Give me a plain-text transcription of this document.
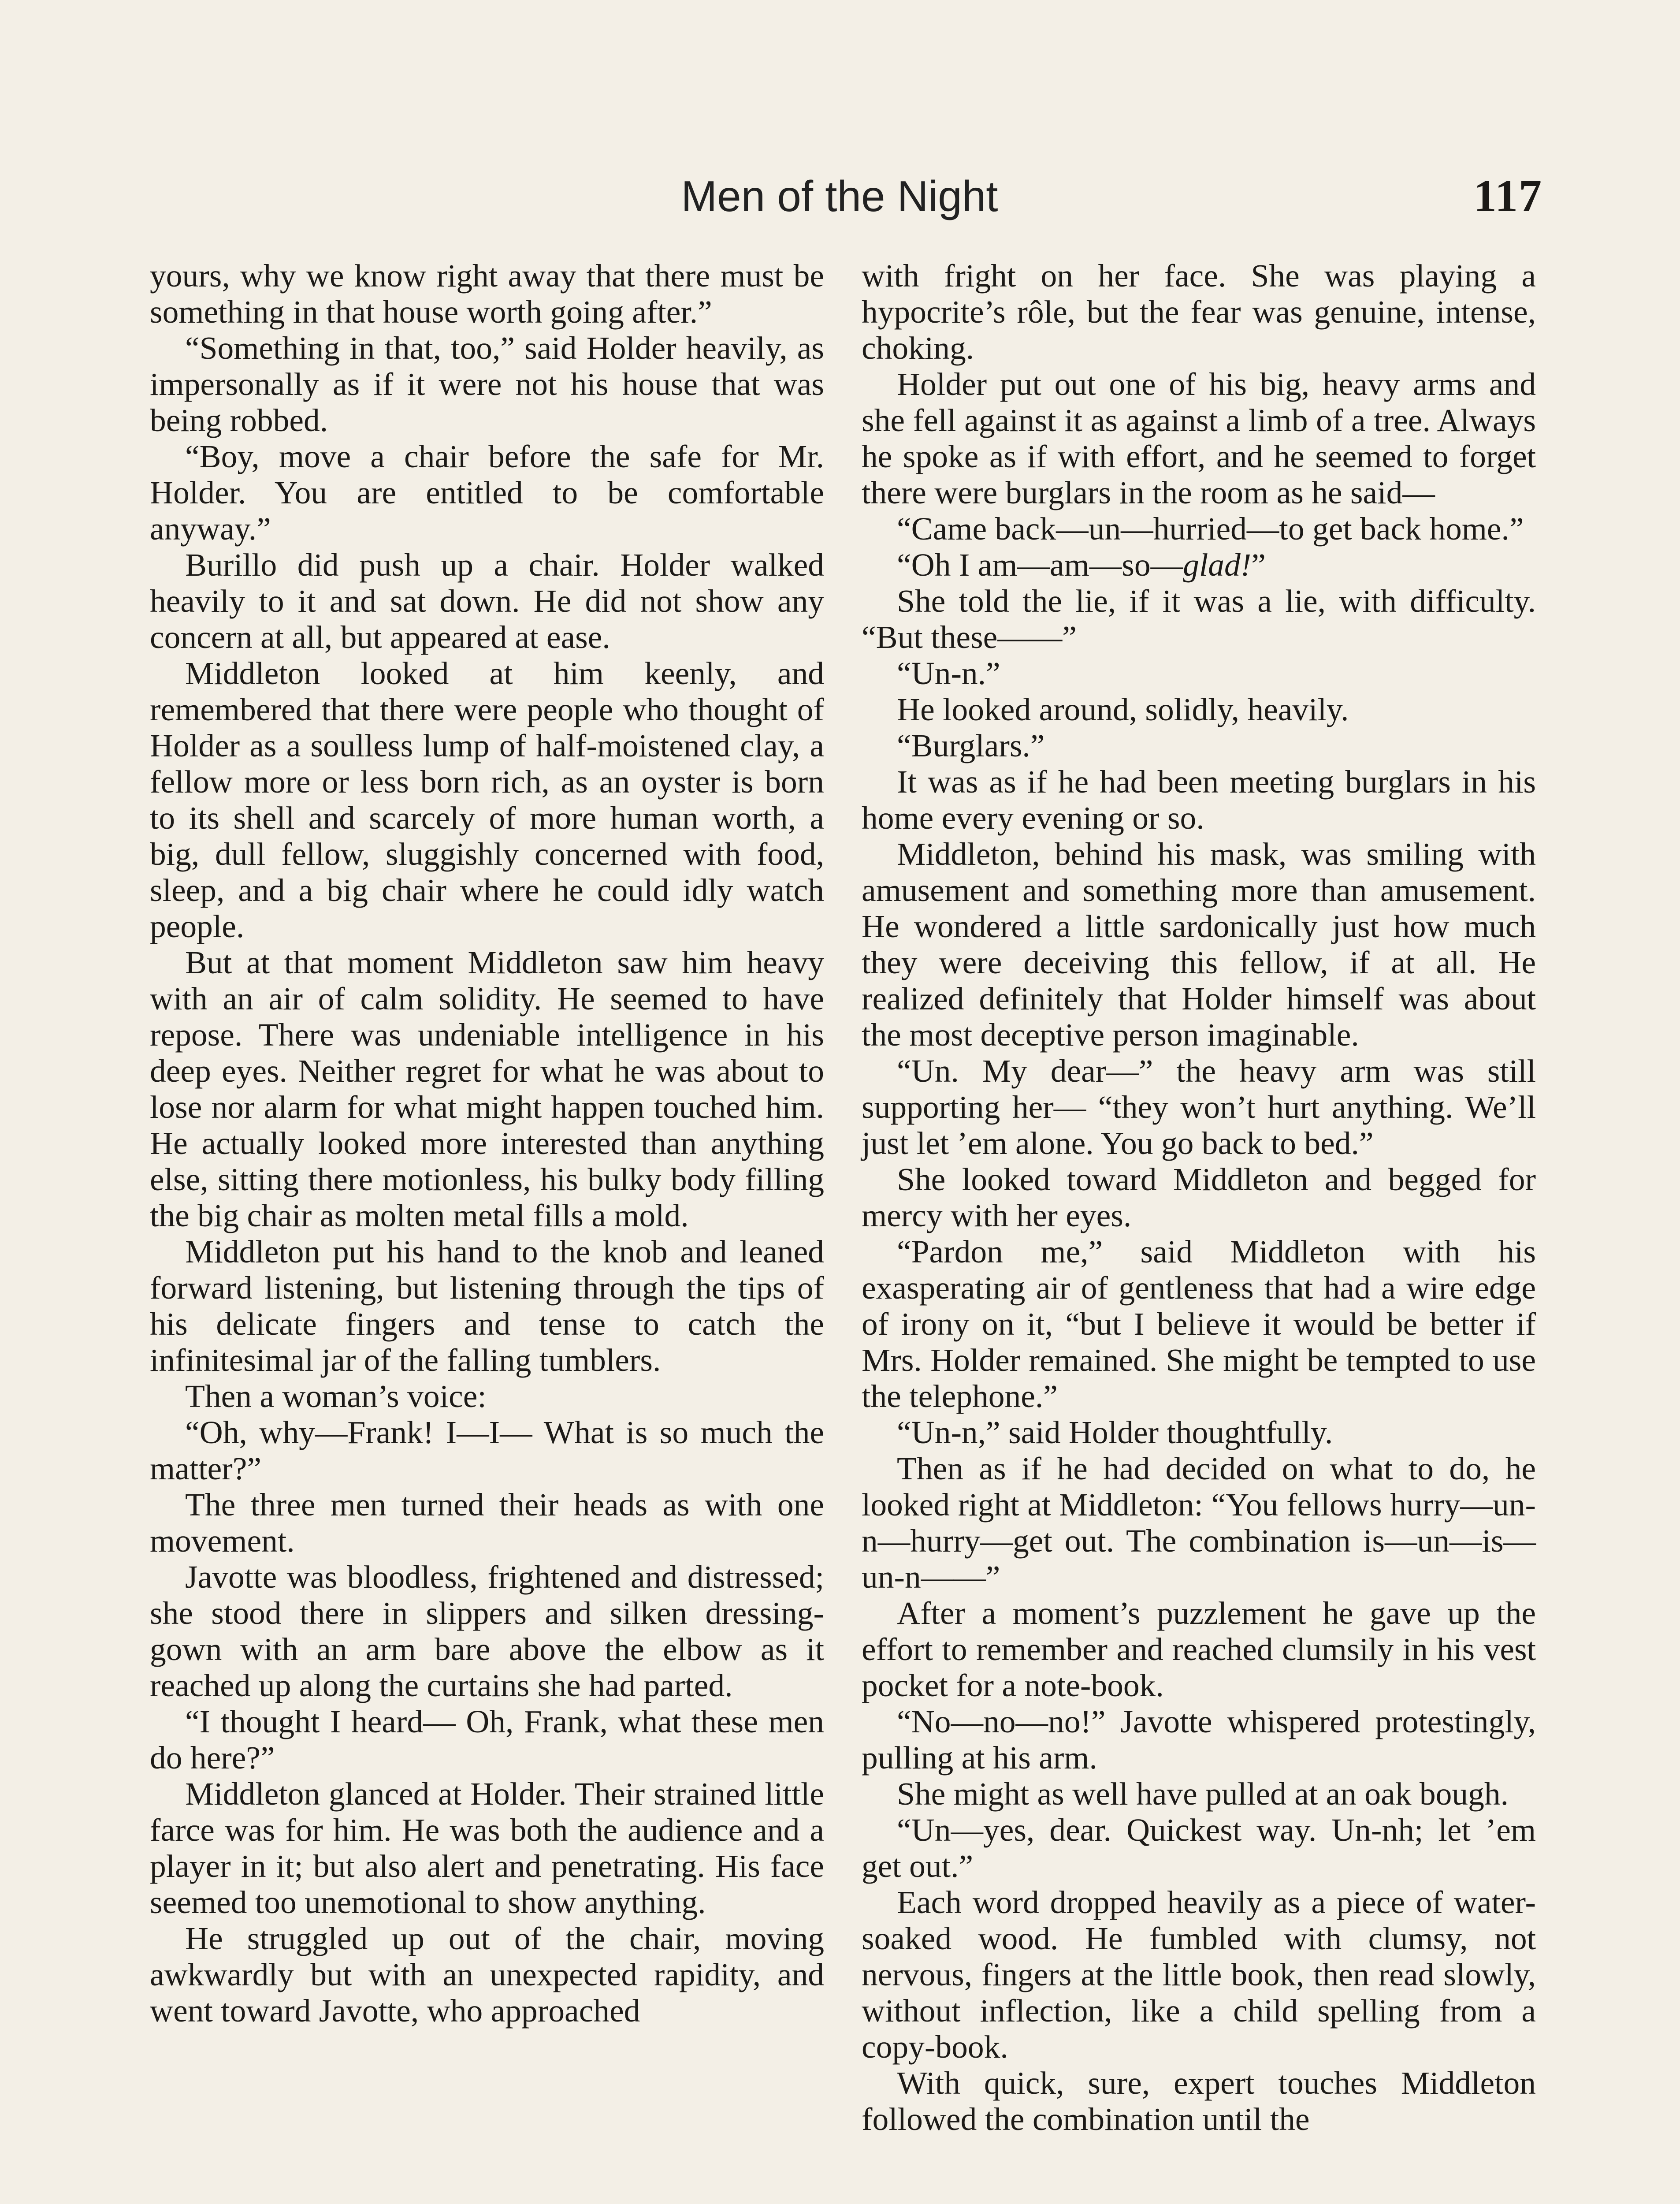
Men of the Night	117

yours, why we know right away that there must be something in that house worth going after.”

“Something in that, too,” said Holder heavily, as impersonally as if it were not his house that was being robbed.

“Boy, move a chair before the safe for Mr. Holder. You are entitled to be comfortable anyway.”

Burillo did push up a chair. Holder walked heavily to it and sat down. He did not show any concern at all, but appeared at ease.

Middleton looked at him keenly, and remembered that there were people who thought of Holder as a soulless lump of half-moistened clay, a fellow more or less born rich, as an oyster is born to its shell and scarcely of more human worth, a big, dull fellow, sluggishly concerned with food, sleep, and a big chair where he could idly watch people.

But at that moment Middleton saw him heavy with an air of calm solidity. He seemed to have repose. There was undeniable intelligence in his deep eyes. Neither regret for what he was about to lose nor alarm for what might happen touched him. He actually looked more interested than anything else, sitting there motionless, his bulky body filling the big chair as molten metal fills a mold.

Middleton put his hand to the knob and leaned forward listening, but listening through the tips of his delicate fingers and tense to catch the infinitesimal jar of the falling tumblers.

Then a woman’s voice:

“Oh, why—Frank! I—I— What is so much the matter?”

The three men turned their heads as with one movement.

Javotte was bloodless, frightened and distressed; she stood there in slippers and silken dressing-gown with an arm bare above the elbow as it reached up along the curtains she had parted.

“I thought I heard— Oh, Frank, what these men do here?”

Middleton glanced at Holder. Their strained little farce was for him. He was both the audience and a player in it; but also alert and penetrating. His face seemed too unemotional to show anything.

He struggled up out of the chair, moving awkwardly but with an unexpected rapidity, and went toward Javotte, who approached

with fright on her face. She was playing a hypocrite’s rôle, but the fear was genuine, intense, choking.

Holder put out one of his big, heavy arms and she fell against it as against a limb of a tree. Always he spoke as if with effort, and he seemed to forget there were burglars in the room as he said—

“Came back—un—hurried—to get back home.”

“Oh I am—am—so—glad!”

She told the lie, if it was a lie, with difficulty. “But these——”

“Un-n.”

He looked around, solidly, heavily.

“Burglars.”

It was as if he had been meeting burglars in his home every evening or so.

Middleton, behind his mask, was smiling with amusement and something more than amusement. He wondered a little sardonically just how much they were deceiving this fellow, if at all. He realized definitely that Holder himself was about the most deceptive person imaginable.

“Un. My dear—” the heavy arm was still supporting her— “they won’t hurt anything. We’ll just let ’em alone. You go back to bed.”

She looked toward Middleton and begged for mercy with her eyes.

“Pardon me,” said Middleton with his exasperating air of gentleness that had a wire edge of irony on it, “but I believe it would be better if Mrs. Holder remained. She might be tempted to use the telephone.”

“Un-n,” said Holder thoughtfully.

Then as if he had decided on what to do, he looked right at Middleton: “You fellows hurry—un-n—hurry—get out. The combination is—un—is—un-n——”

After a moment’s puzzlement he gave up the effort to remember and reached clumsily in his vest pocket for a note-book.

“No—no—no!” Javotte whispered protestingly, pulling at his arm.

She might as well have pulled at an oak bough.

“Un—yes, dear. Quickest way. Un-nh; let ’em get out.”

Each word dropped heavily as a piece of water-soaked wood. He fumbled with clumsy, not nervous, fingers at the little book, then read slowly, without inflection, like a child spelling from a copy-book.

With quick, sure, expert touches Middleton followed the combination until the
